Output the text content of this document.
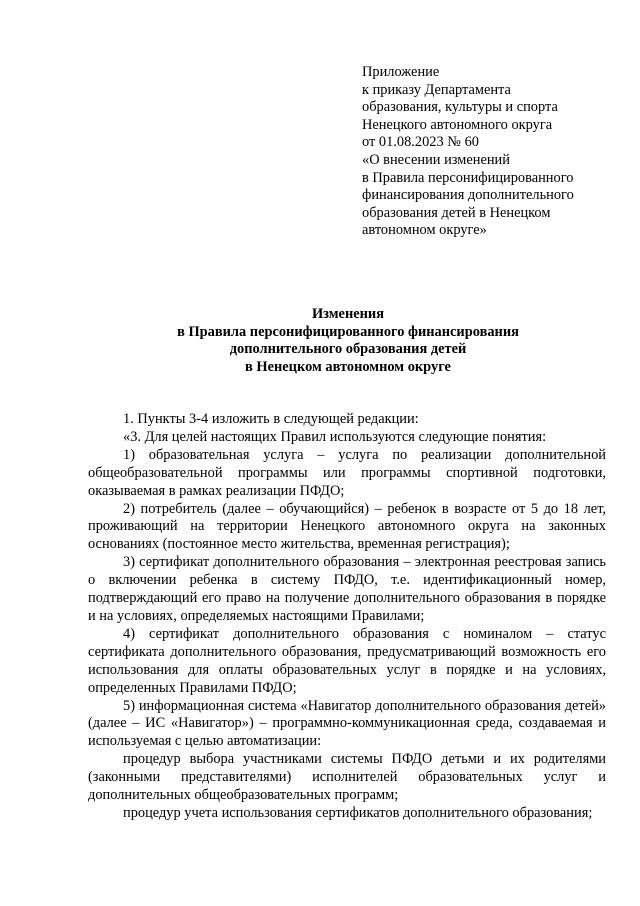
Приложение
к приказу Департамента
образования, культуры и спорта
Ненецкого автономного округа
от 01.08.2023 № 60
«О внесении изменений
в Правила персонифицированного
финансирования дополнительного
образования детей в Ненецком
автономном округе»
Изменения
в Правила персонифицированного финансирования
дополнительного образования детей
в Ненецком автономном округе

1. Пункты 3-4 изложить в следующей редакции:

«3. Для целей настоящих Правил используются следующие понятия:

1) образовательная услуга – услуга по реализации дополнительной общеобразовательной программы или программы спортивной подготовки, оказываемая в рамках реализации ПФДО;

2) потребитель (далее – обучающийся) – ребенок в возрасте от 5 до 18 лет, проживающий на территории Ненецкого автономного округа на законных основаниях (постоянное место жительства, временная регистрация);

3) сертификат дополнительного образования – электронная реестровая запись о включении ребенка в систему ПФДО, т.е. идентификационный номер, подтверждающий его право на получение дополнительного образования в порядке и на условиях, определяемых настоящими Правилами;

4) сертификат дополнительного образования с номиналом – статус сертификата дополнительного образования, предусматривающий возможность его использования для оплаты образовательных услуг в порядке и на условиях, определенных Правилами ПФДО;

5) информационная система «Навигатор дополнительного образования детей» (далее – ИС «Навигатор») – программно-коммуникационная среда, создаваемая и используемая с целью автоматизации:

процедур выбора участниками системы ПФДО детьми и их родителями (законными представителями) исполнителей образовательных услуг и дополнительных общеобразовательных программ;

процедур учета использования сертификатов дополнительного образования;
